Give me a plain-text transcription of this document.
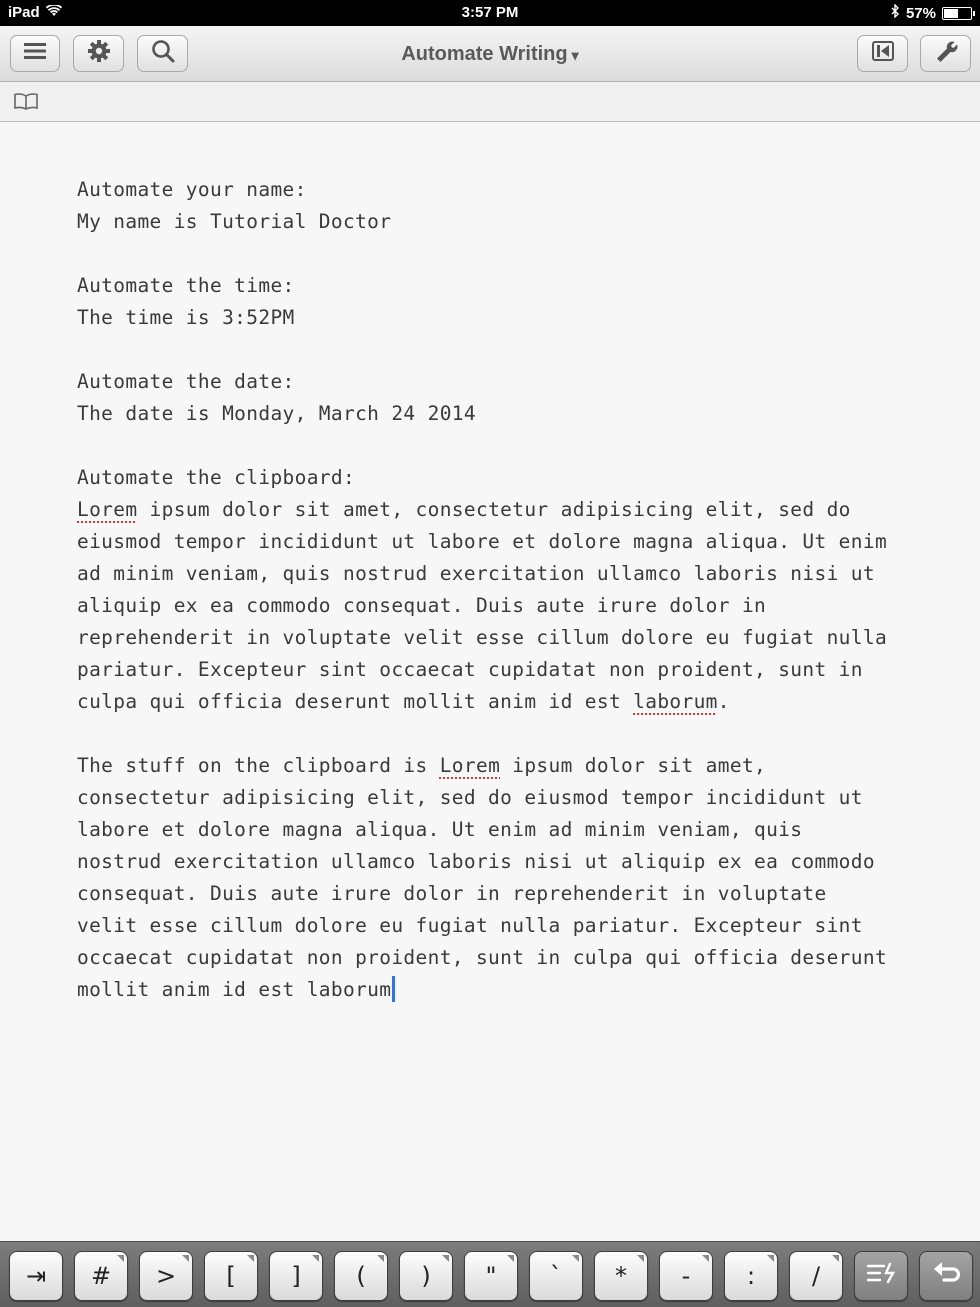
iPad	3:57 PM	57%
Automate Writing ▾
Automate your name:
My name is Tutorial Doctor
Automate the time:
The time is 3:52PM
Automate the date:
The date is Monday, March 24 2014
Automate the clipboard:
Lorem ipsum dolor sit amet, consectetur adipisicing elit, sed do
eiusmod tempor incididunt ut labore et dolore magna aliqua. Ut enim
ad minim veniam, quis nostrud exercitation ullamco laboris nisi ut
aliquip ex ea commodo consequat. Duis aute irure dolor in
reprehenderit in voluptate velit esse cillum dolore eu fugiat nulla
pariatur. Excepteur sint occaecat cupidatat non proident, sunt in
culpa qui officia deserunt mollit anim id est laborum.
The stuff on the clipboard is Lorem ipsum dolor sit amet,
consectetur adipisicing elit, sed do eiusmod tempor incididunt ut
labore et dolore magna aliqua. Ut enim ad minim veniam, quis
nostrud exercitation ullamco laboris nisi ut aliquip ex ea commodo
consequat. Duis aute irure dolor in reprehenderit in voluptate
velit esse cillum dolore eu fugiat nulla pariatur. Excepteur sint
occaecat cupidatat non proident, sunt in culpa qui officia deserunt
mollit anim id est laborum
⇥	#	>	[	]	(	)	"	`	*	-	:	/
